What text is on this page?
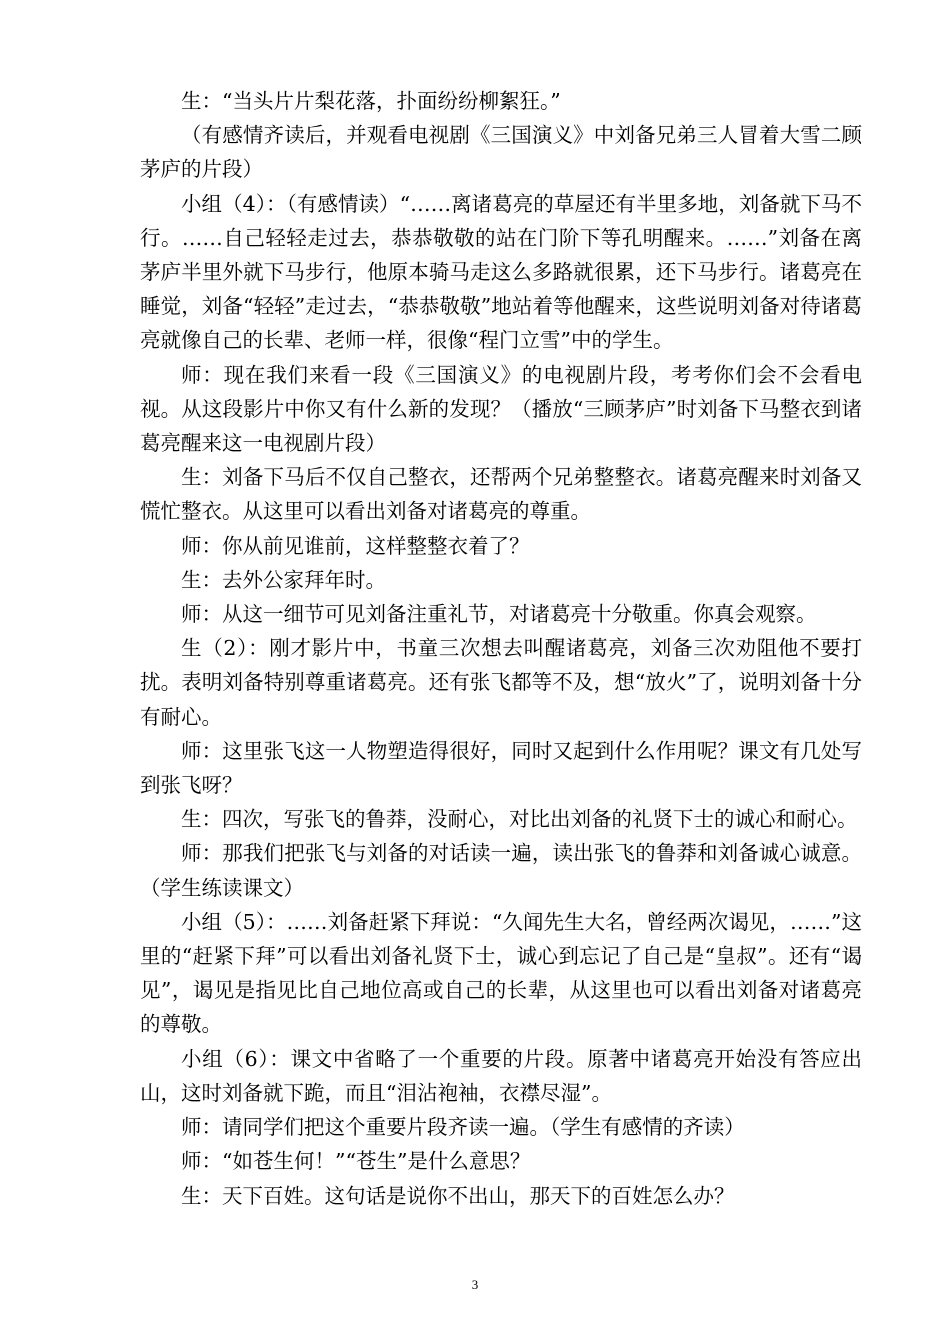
生：“当头片片梨花落，扑面纷纷柳絮狂。”

（有感情齐读后，并观看电视剧《三国演义》中刘备兄弟三人冒着大雪二顾茅庐的片段）

小组（4）：（有感情读）“……离诸葛亮的草屋还有半里多地，刘备就下马不行。……自己轻轻走过去，恭恭敬敬的站在门阶下等孔明醒来。……”刘备在离茅庐半里外就下马步行，他原本骑马走这么多路就很累，还下马步行。诸葛亮在睡觉，刘备“轻轻”走过去，“恭恭敬敬”地站着等他醒来，这些说明刘备对待诸葛亮就像自己的长辈、老师一样，很像“程门立雪”中的学生。

师：现在我们来看一段《三国演义》的电视剧片段，考考你们会不会看电视。从这段影片中你又有什么新的发现？（播放“三顾茅庐”时刘备下马整衣到诸葛亮醒来这一电视剧片段）

生：刘备下马后不仅自己整衣，还帮两个兄弟整整衣。诸葛亮醒来时刘备又慌忙整衣。从这里可以看出刘备对诸葛亮的尊重。

师：你从前见谁前，这样整整衣着了？

生：去外公家拜年时。

师：从这一细节可见刘备注重礼节，对诸葛亮十分敬重。你真会观察。

生（2）：刚才影片中，书童三次想去叫醒诸葛亮，刘备三次劝阻他不要打扰。表明刘备特别尊重诸葛亮。还有张飞都等不及，想“放火”了，说明刘备十分有耐心。

师：这里张飞这一人物塑造得很好，同时又起到什么作用呢？课文有几处写到张飞呀？

生：四次，写张飞的鲁莽，没耐心，对比出刘备的礼贤下士的诚心和耐心。

师：那我们把张飞与刘备的对话读一遍，读出张飞的鲁莽和刘备诚心诚意。（学生练读课文）

小组（5）：……刘备赶紧下拜说：“久闻先生大名，曾经两次谒见，……”这里的“赶紧下拜”可以看出刘备礼贤下士，诚心到忘记了自己是“皇叔”。还有“谒见”，谒见是指见比自己地位高或自己的长辈，从这里也可以看出刘备对诸葛亮的尊敬。

小组（6）：课文中省略了一个重要的片段。原著中诸葛亮开始没有答应出山，这时刘备就下跪，而且“泪沾袍袖，衣襟尽湿”。

师：请同学们把这个重要片段齐读一遍。（学生有感情的齐读）

师：“如苍生何！”“苍生”是什么意思？

生：天下百姓。这句话是说你不出山，那天下的百姓怎么办？

3
